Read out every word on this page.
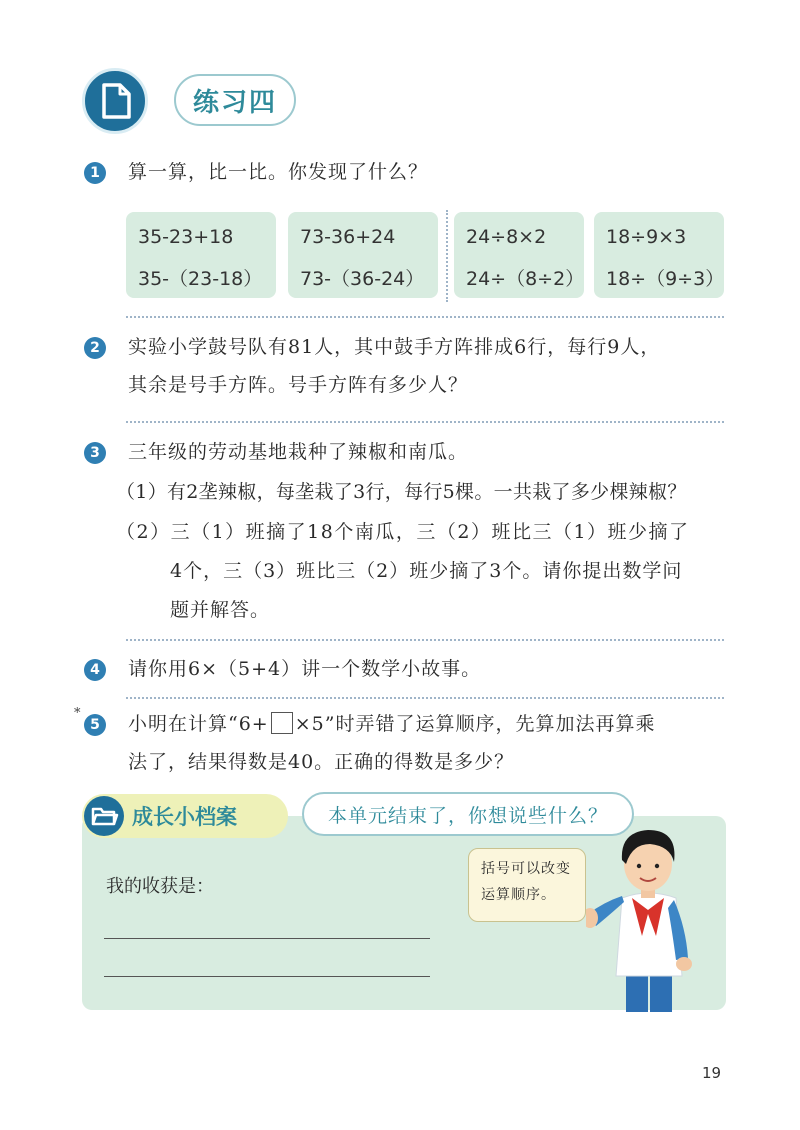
练习四
1	算一算，比一比。你发现了什么？
35-23+18
35-（23-18）
73-36+24
73-（36-24）
24÷8×2
24÷（8÷2）
18÷9×3
18÷（9÷3）
2	实验小学鼓号队有81人，其中鼓手方阵排成6行，每行9人，
其余是号手方阵。号手方阵有多少人？
3	三年级的劳动基地栽种了辣椒和南瓜。
（1）有2垄辣椒，每垄栽了3行，每行5棵。一共栽了多少棵辣椒？
（2）三（1）班摘了18个南瓜，三（2）班比三（1）班少摘了
4个，三（3）班比三（2）班少摘了3个。请你提出数学问
题并解答。
4	请你用6×（5+4）讲一个数学小故事。
*
5	小明在计算“6+ ×5”时弄错了运算顺序，先算加法再算乘
法了，结果得数是40。正确的得数是多少？
成长小档案	本单元结束了，你想说些什么？
我的收获是：
括号可以改变
运算顺序。
19
